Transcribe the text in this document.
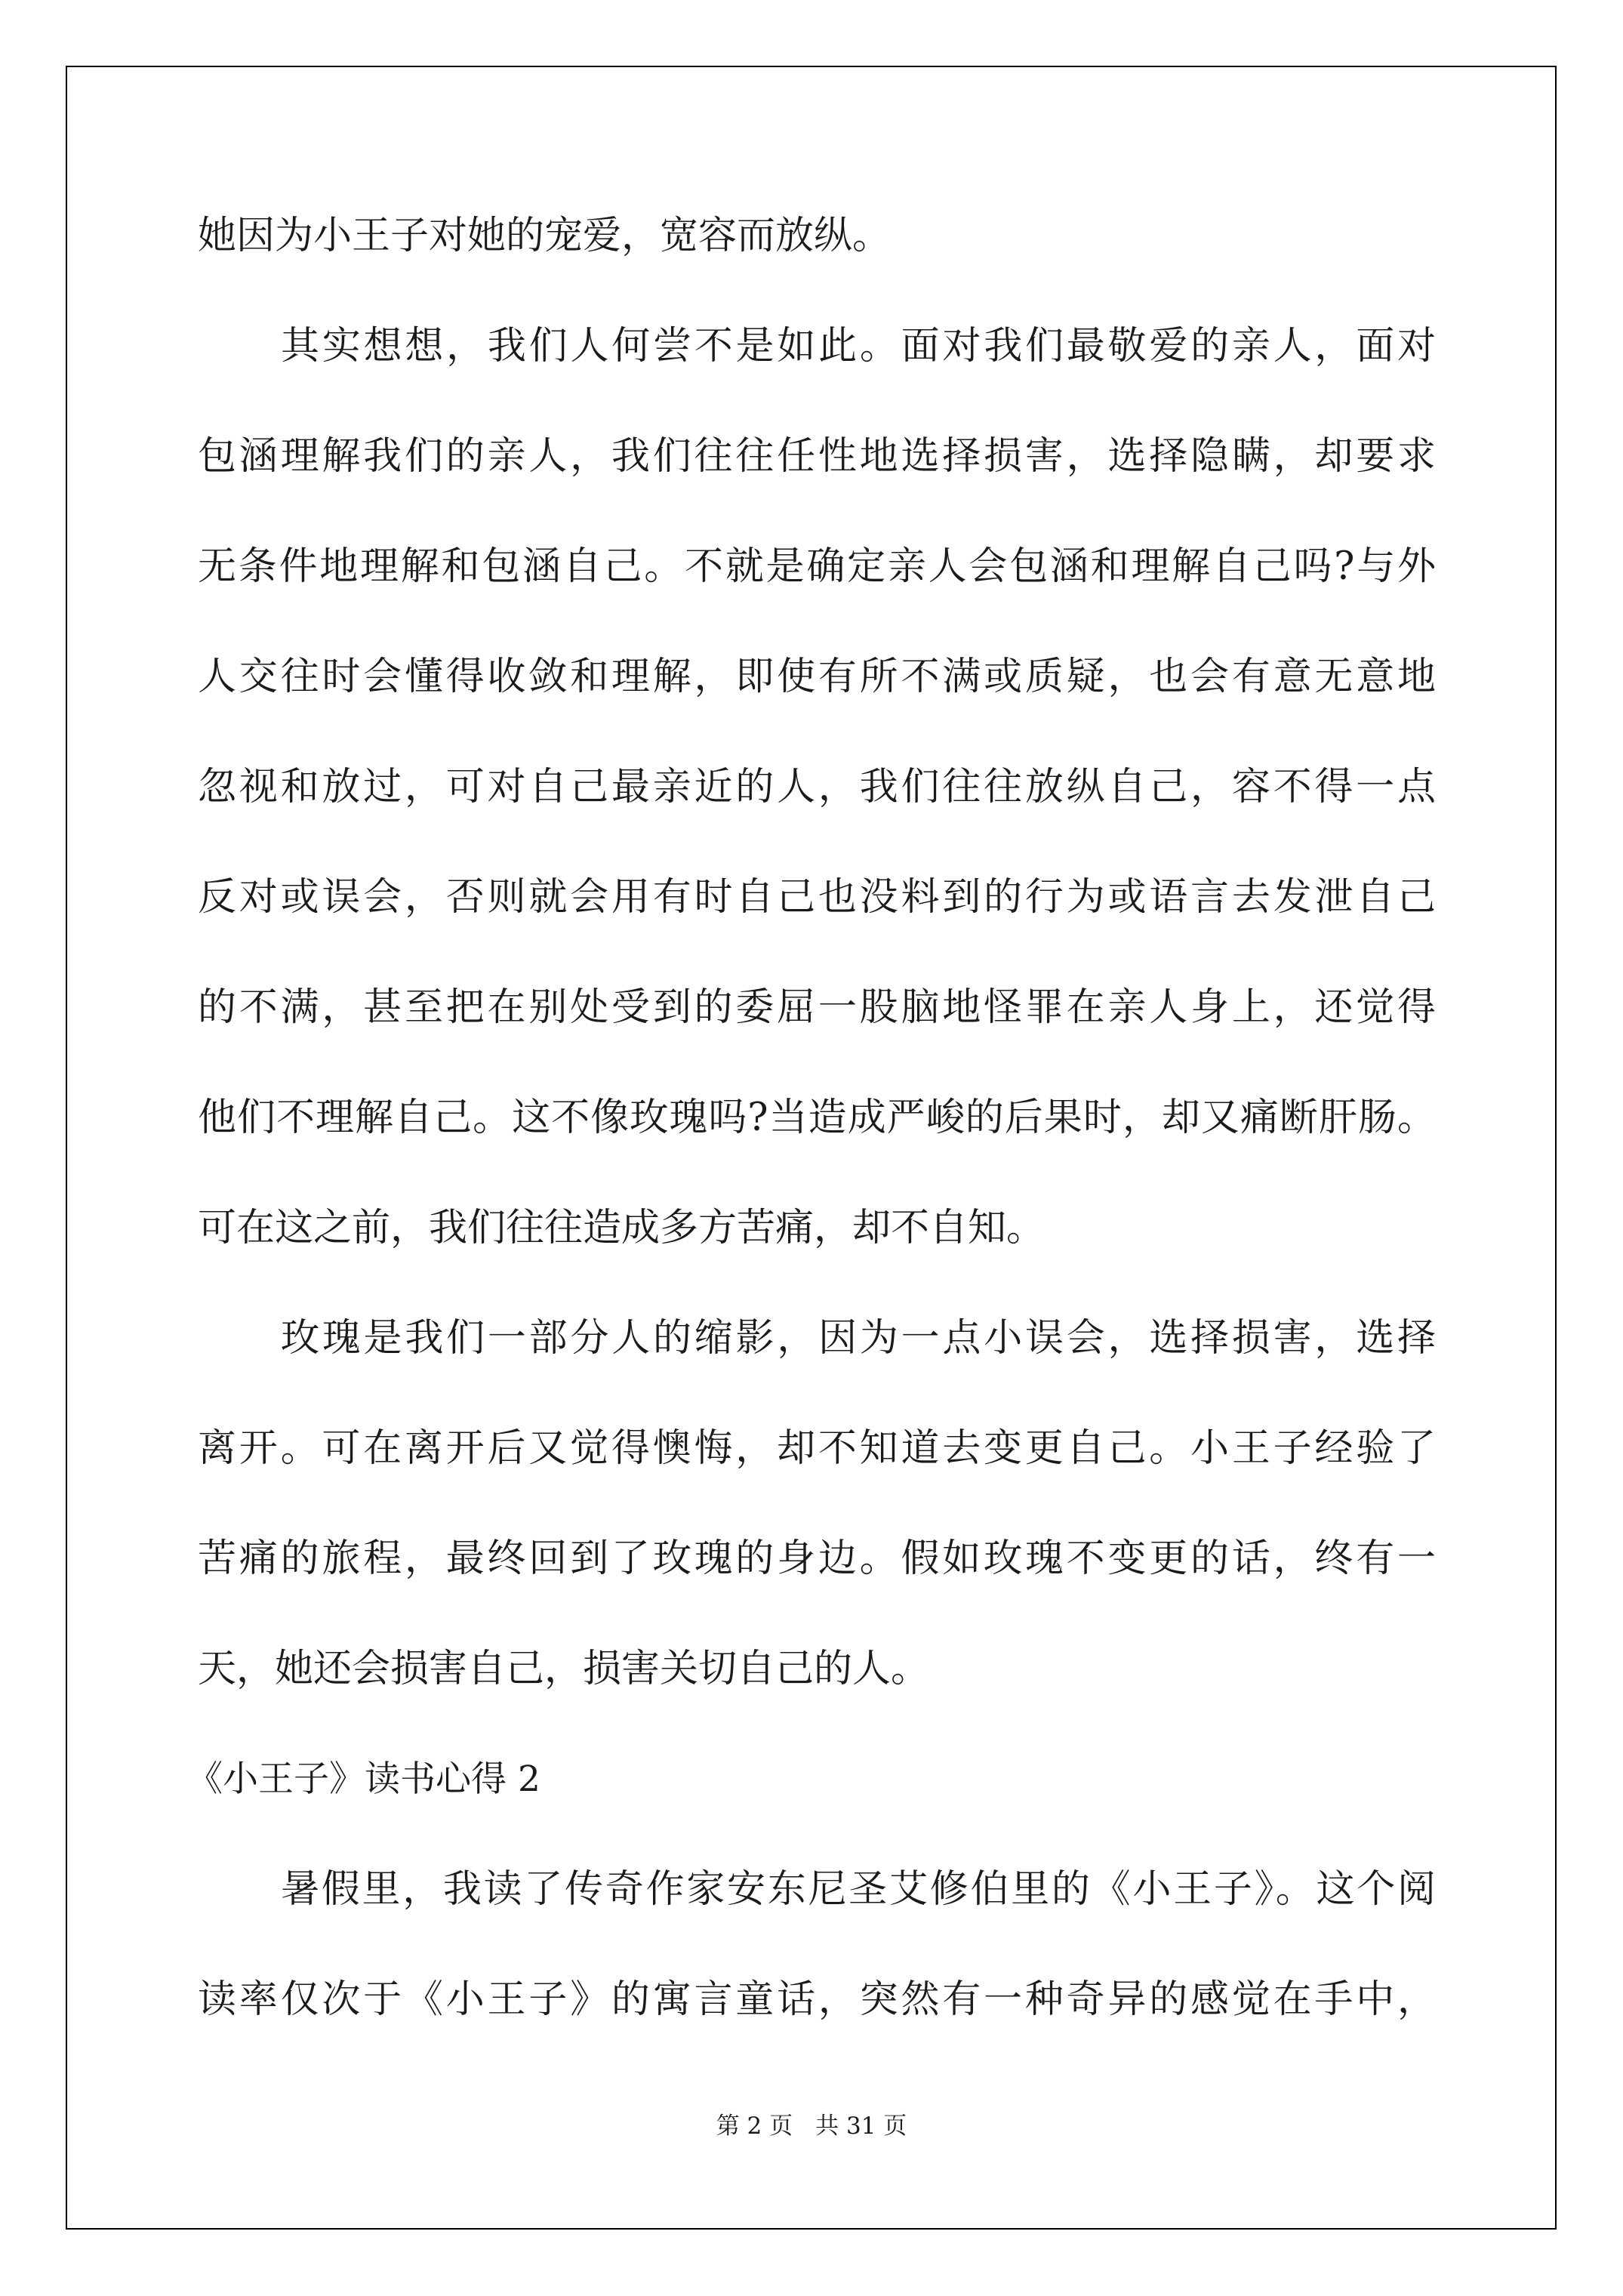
她因为小王子对她的宠爱，宽容而放纵。
其实想想，我们人何尝不是如此。面对我们最敬爱的亲人，面对
包涵理解我们的亲人，我们往往任性地选择损害，选择隐瞒，却要求
无条件地理解和包涵自己。不就是确定亲人会包涵和理解自己吗?与外
人交往时会懂得收敛和理解，即使有所不满或质疑，也会有意无意地
忽视和放过，可对自己最亲近的人，我们往往放纵自己，容不得一点
反对或误会，否则就会用有时自己也没料到的行为或语言去发泄自己
的不满，甚至把在别处受到的委屈一股脑地怪罪在亲人身上，还觉得
他们不理解自己。这不像玫瑰吗?当造成严峻的后果时，却又痛断肝肠。
可在这之前，我们往往造成多方苦痛，却不自知。
玫瑰是我们一部分人的缩影，因为一点小误会，选择损害，选择
离开。可在离开后又觉得懊悔，却不知道去变更自己。小王子经验了
苦痛的旅程，最终回到了玫瑰的身边。假如玫瑰不变更的话，终有一
天，她还会损害自己，损害关切自己的人。
《小王子》读书心得 2
暑假里，我读了传奇作家安东尼圣艾修伯里的《小王子》。这个阅
读率仅次于《小王子》的寓言童话，突然有一种奇异的感觉在手中，
第 2 页 共 31 页
